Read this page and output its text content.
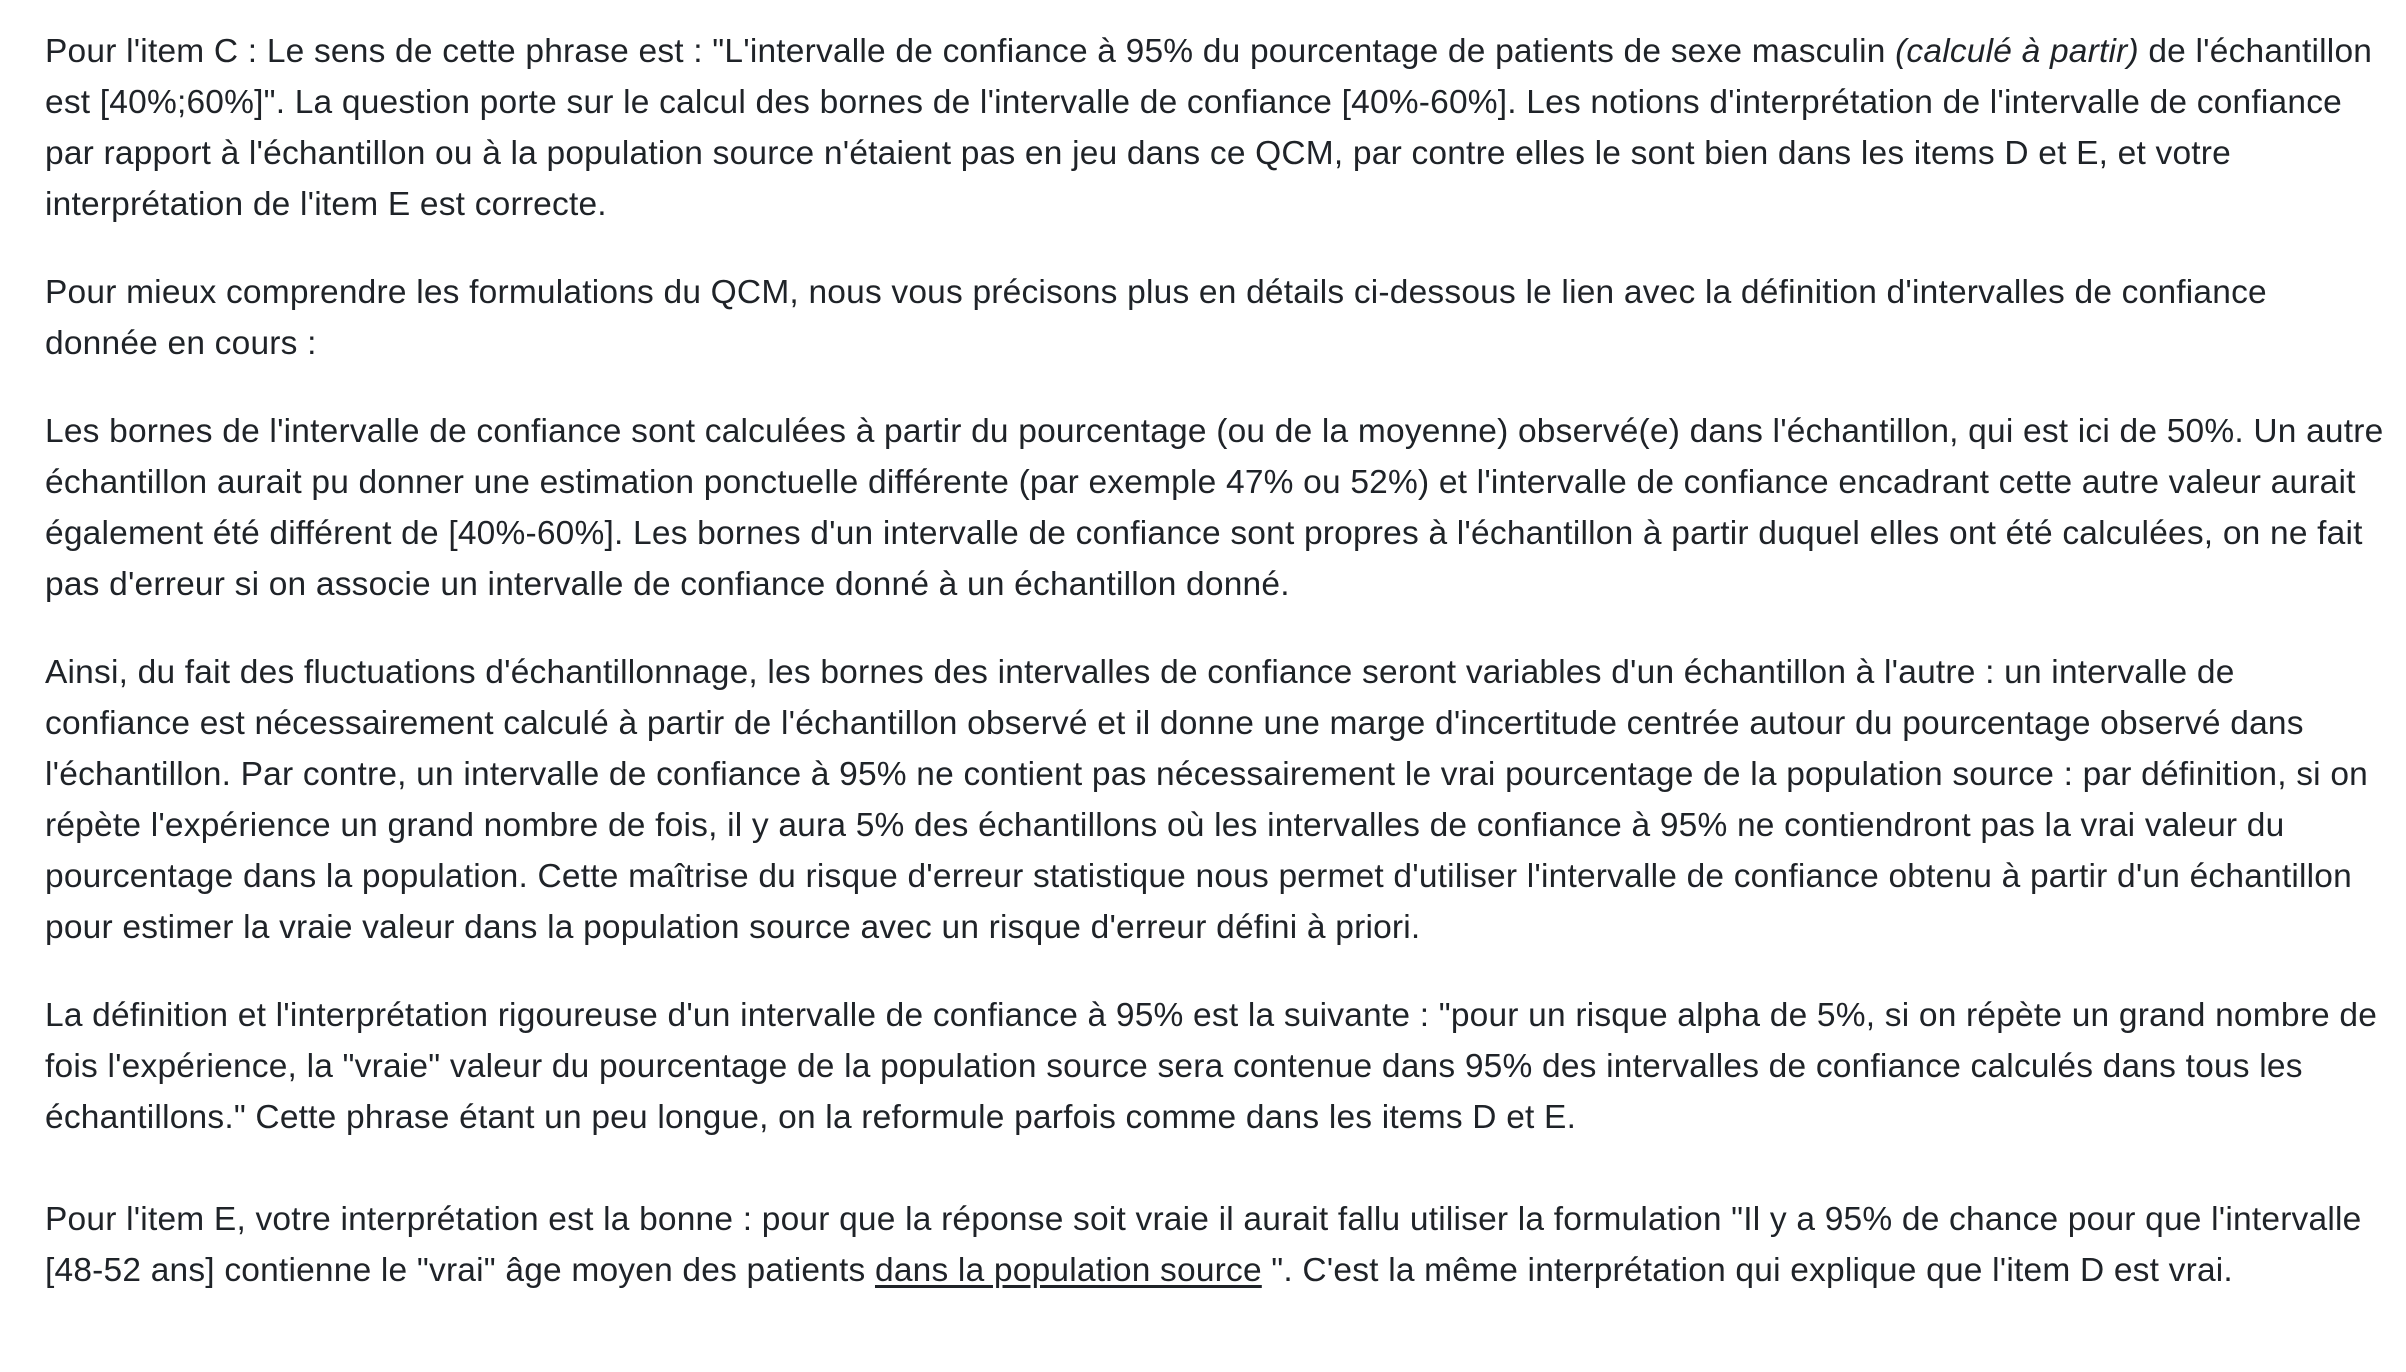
Pour l'item C : Le sens de cette phrase est : "L'intervalle de confiance à 95% du pourcentage de patients de sexe masculin (calculé à partir) de l'échantillon est [40%;60%]". La question porte sur le calcul des bornes de l'intervalle de confiance [40%-60%]. Les notions d'interprétation de l'intervalle de confiance par rapport à l'échantillon ou à la population source n'étaient pas en jeu dans ce QCM, par contre elles le sont bien dans les items D et E, et votre interprétation de l'item E est correcte.

Pour mieux comprendre les formulations du QCM, nous vous précisons plus en détails ci-dessous le lien avec la définition d'intervalles de confiance donnée en cours :

Les bornes de l'intervalle de confiance sont calculées à partir du pourcentage (ou de la moyenne) observé(e) dans l'échantillon, qui est ici de 50%. Un autre échantillon aurait pu donner une estimation ponctuelle différente (par exemple 47% ou 52%) et l'intervalle de confiance encadrant cette autre valeur aurait également été différent de [40%-60%]. Les bornes d'un intervalle de confiance sont propres à l'échantillon à partir duquel elles ont été calculées, on ne fait pas d'erreur si on associe un intervalle de confiance donné à un échantillon donné.

Ainsi, du fait des fluctuations d'échantillonnage, les bornes des intervalles de confiance seront variables d'un échantillon à l'autre : un intervalle de confiance est nécessairement calculé à partir de l'échantillon observé et il donne une marge d'incertitude centrée autour du pourcentage observé dans l'échantillon. Par contre, un intervalle de confiance à 95% ne contient pas nécessairement le vrai pourcentage de la population source : par définition, si on répète l'expérience un grand nombre de fois, il y aura 5% des échantillons où les intervalles de confiance à 95% ne contiendront pas la vrai valeur du pourcentage dans la population. Cette maîtrise du risque d'erreur statistique nous permet d'utiliser l'intervalle de confiance obtenu à partir d'un échantillon pour estimer la vraie valeur dans la population source avec un risque d'erreur défini à priori.

La définition et l'interprétation rigoureuse d'un intervalle de confiance à 95% est la suivante : "pour un risque alpha de 5%, si on répète un grand nombre de fois l'expérience, la "vraie" valeur du pourcentage de la population source sera contenue dans 95% des intervalles de confiance calculés dans tous les échantillons." Cette phrase étant un peu longue, on la reformule parfois comme dans les items D et E.

Pour l'item E, votre interprétation est la bonne : pour que la réponse soit vraie il aurait fallu utiliser la formulation "Il y a 95% de chance pour que l'intervalle [48-52 ans] contienne le "vrai" âge moyen des patients dans la population source ". C'est la même interprétation qui explique que l'item D est vrai.
